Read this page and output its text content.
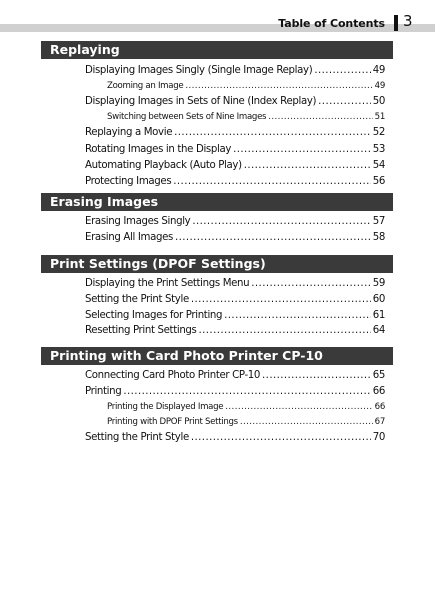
Table of Contents 3
Replaying
Displaying Images Singly (Single Image Replay) .....	49
Zooming an Image .....	49
Displaying Images in Sets of Nine (Index Replay) .....	50
Switching between Sets of Nine Images .....	51
Replaying a Movie .....	52
Rotating Images in the Display .....	53
Automating Playback (Auto Play) .....	54
Protecting Images .....	56
Erasing Images
Erasing Images Singly .....	57
Erasing All Images .....	58
Print Settings (DPOF Settings)
Displaying the Print Settings Menu .....	59
Setting the Print Style .....	60
Selecting Images for Printing .....	61
Resetting Print Settings .....	64
Printing with Card Photo Printer CP-10
Connecting Card Photo Printer CP-10 .....	65
Printing .....	66
Printing the Displayed Image .....	66
Printing with DPOF Print Settings .....	67
Setting the Print Style .....	70
